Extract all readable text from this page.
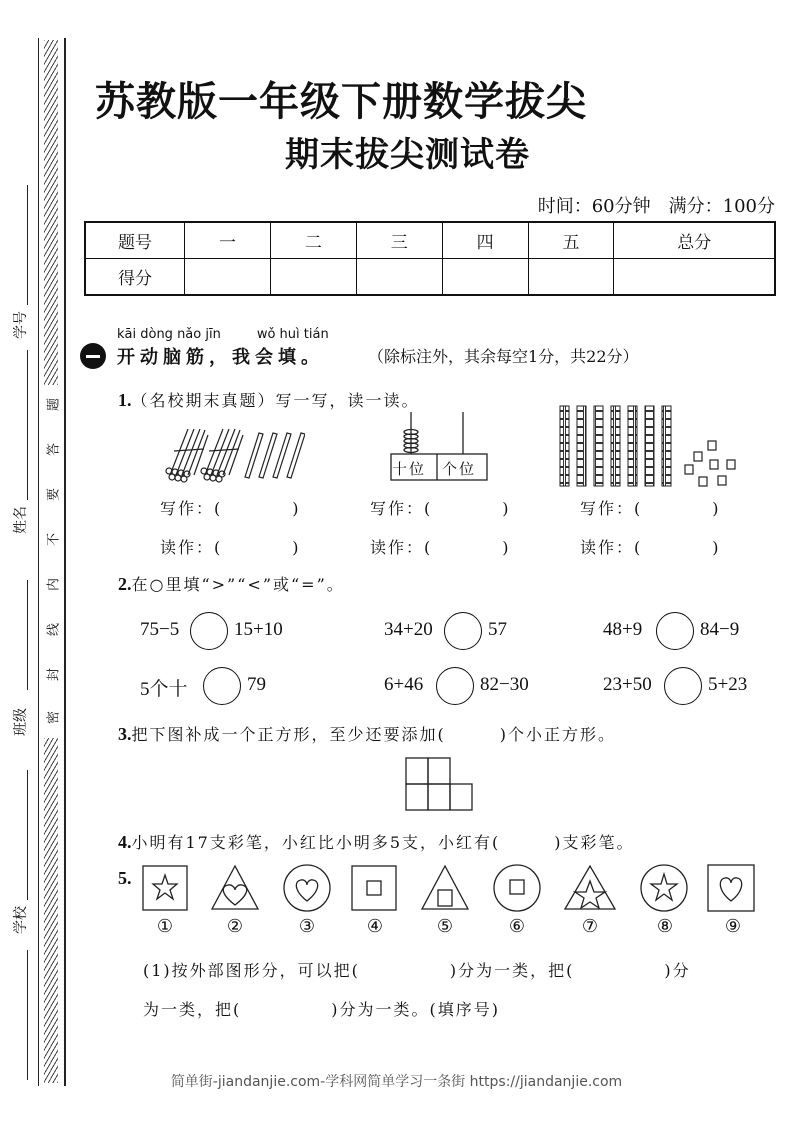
题
答
要
不
内
线
封
密
学号
姓名
班级
学校
苏教版一年级下册数学拔尖
期末拔尖测试卷
时间：60分钟 满分：100分
题号	一	二	三	四	五	总分
得分						
kāi dòng nǎo jīn	wǒ huì tián
开动脑筋，我会填。	（除标注外，其余每空1分，共22分）
1.（名校期末真题）写一写，读一读。
十位 个位
写作：(	)
读作：(	)
写作：(	)
读作：(	)
写作：(	)
读作：(	)
2.在○里填“>”“<”或“=”。
75−5	15+10	34+20	57	48+9	84−9
5个十	79	6+46	82−30	23+50	5+23
3.把下图补成一个正方形，至少还要添加(　　　)个小正方形。
4.小明有17支彩笔，小红比小明多5支，小红有(　　　)支彩笔。
5.
①	②	③	④	⑤	⑥	⑦	⑧	⑨
(1)按外部图形分，可以把(　　　　　)分为一类，把(　　　　　)分
为一类，把(　　　　　)分为一类。(填序号)
简单街-jiandanjie.com-学科网简单学习一条街 https://jiandanjie.com
